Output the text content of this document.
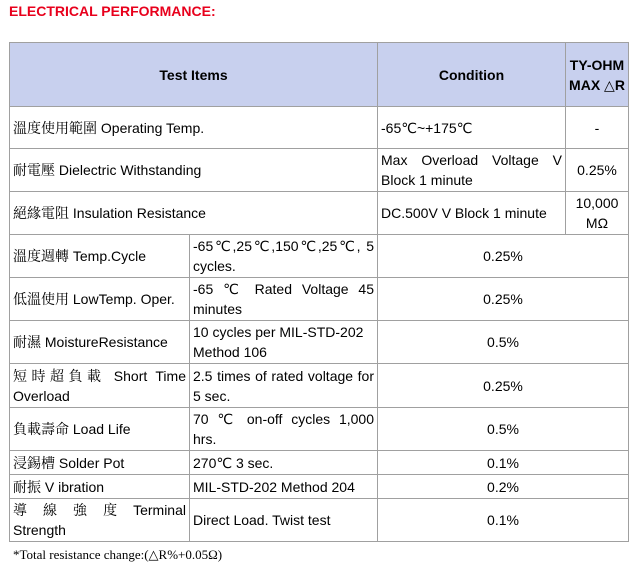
ELECTRICAL PERFORMANCE:
Test Items		Condition	TY-OHM MAX △R
溫度使用範圍 Operating Temp.		-65℃~+175℃	-
耐電壓 Dielectric Withstanding		Max Overload Voltage V Block 1 minute	0.25%
絕緣電阻 Insulation Resistance		DC.500V V Block 1 minute	10,000 MΩ
溫度週轉 Temp.Cycle	-65℃,25℃,150℃,25℃, 5 cycles.	0.25%	
低溫使用 LowTemp. Oper.	-65 ℃ Rated Voltage 45 minutes	0.25%	
耐濕 MoistureResistance	10 cycles per MIL-STD-202 Method 106	0.5%	
短時超負載 Short Time Overload	2.5 times of rated voltage for 5 sec.	0.25%	
負載壽命 Load Life	70 ℃ on-off cycles 1,000 hrs.	0.5%	
浸錫槽 Solder Pot	270℃ 3 sec.	0.1%	
耐振 V ibration	MIL-STD-202 Method 204	0.2%	
導 線 強 度 Terminal Strength	Direct Load. Twist test	0.1%	
*Total resistance change:(△R%+0.05Ω)
